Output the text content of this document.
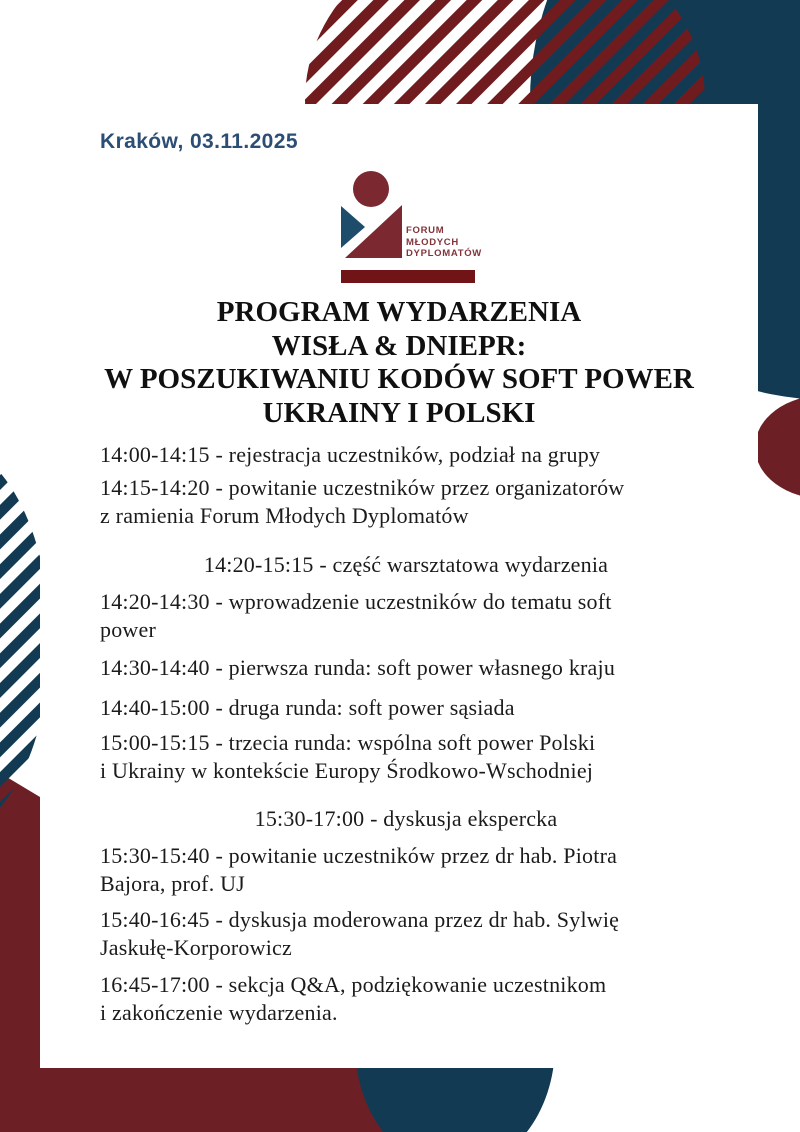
Kraków, 03.11.2025
FORUM
MŁODYCH
DYPLOMATÓW
PROGRAM WYDARZENIA
WISŁA & DNIEPR:
W POSZUKIWANIU KODÓW SOFT POWER
UKRAINY I POLSKI
14:00-14:15 - rejestracja uczestników, podział na grupy
14:15-14:20 - powitanie uczestników przez organizatorów
z ramienia Forum Młodych Dyplomatów
14:20-15:15 - część warsztatowa wydarzenia
14:20-14:30 - wprowadzenie uczestników do tematu soft
power
14:30-14:40 - pierwsza runda: soft power własnego kraju
14:40-15:00 - druga runda: soft power sąsiada
15:00-15:15 - trzecia runda: wspólna soft power Polski
i Ukrainy w kontekście Europy Środkowo-Wschodniej
15:30-17:00 - dyskusja ekspercka
15:30-15:40 - powitanie uczestników przez dr hab. Piotra
Bajora, prof. UJ
15:40-16:45 - dyskusja moderowana przez dr hab. Sylwię
Jaskułę-Korporowicz
16:45-17:00 - sekcja Q&A, podziękowanie uczestnikom
i zakończenie wydarzenia.
